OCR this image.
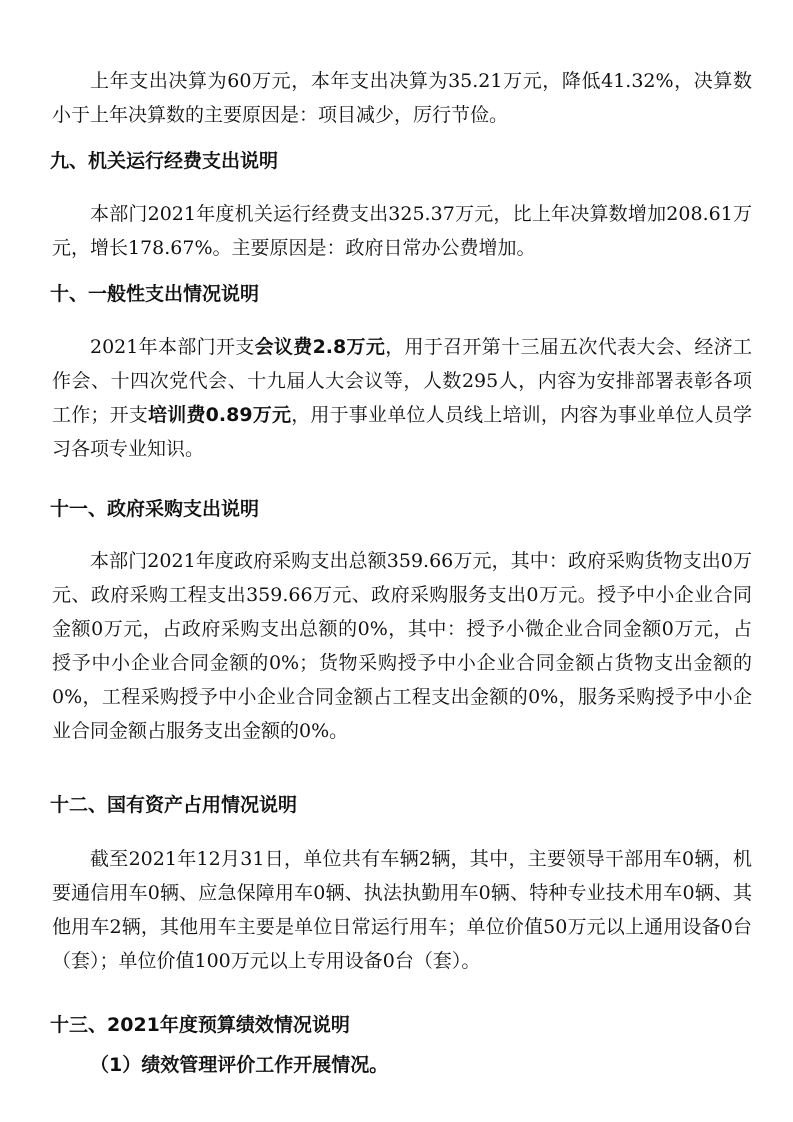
上年支出决算为60万元，本年支出决算为35.21万元，降低41.32%，决算数小于上年决算数的主要原因是：项目减少，厉行节俭。

九、机关运行经费支出说明

本部门2021年度机关运行经费支出325.37万元，比上年决算数增加208.61万元，增长178.67%。主要原因是：政府日常办公费增加。

十、一般性支出情况说明

2021年本部门开支会议费2.8万元，用于召开第十三届五次代表大会、经济工作会、十四次党代会、十九届人大会议等，人数295人，内容为安排部署表彰各项工作；开支培训费0.89万元，用于事业单位人员线上培训，内容为事业单位人员学习各项专业知识。

十一、政府采购支出说明

本部门2021年度政府采购支出总额359.66万元，其中：政府采购货物支出0万元、政府采购工程支出359.66万元、政府采购服务支出0万元。授予中小企业合同金额0万元，占政府采购支出总额的0%，其中：授予小微企业合同金额0万元，占授予中小企业合同金额的0%；货物采购授予中小企业合同金额占货物支出金额的0%，工程采购授予中小企业合同金额占工程支出金额的0%，服务采购授予中小企业合同金额占服务支出金额的0%。

十二、国有资产占用情况说明

截至2021年12月31日，单位共有车辆2辆，其中，主要领导干部用车0辆，机要通信用车0辆、应急保障用车0辆、执法执勤用车0辆、特种专业技术用车0辆、其他用车2辆，其他用车主要是单位日常运行用车；单位价值50万元以上通用设备0台（套）；单位价值100万元以上专用设备0台（套）。

十三、2021年度预算绩效情况说明
（1）绩效管理评价工作开展情况。
